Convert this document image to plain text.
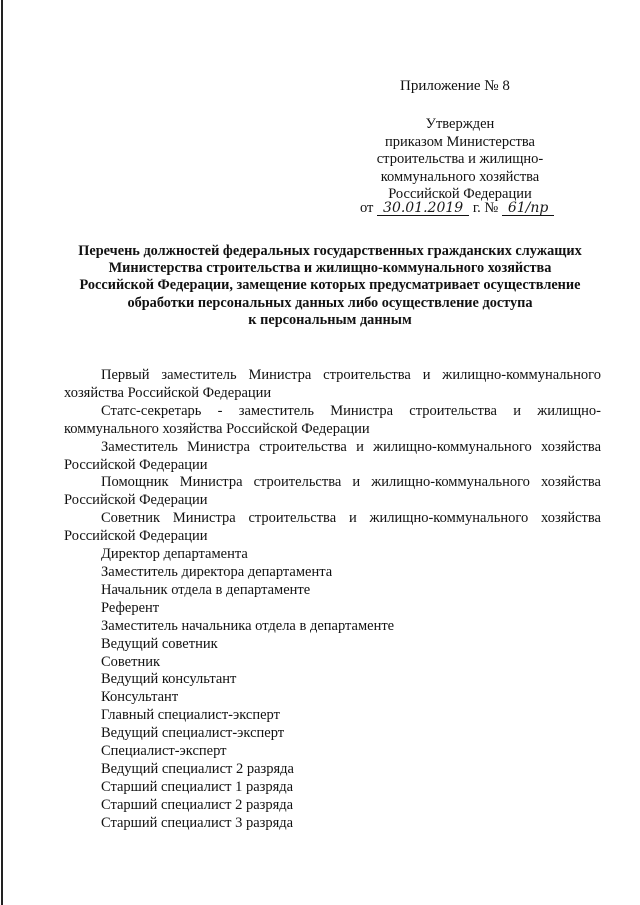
Приложение № 8
Утвержден
приказом Министерства
строительства и жилищно-
коммунального хозяйства
Российской Федерации
от 30.01.2019 г. № 61/пр
Перечень должностей федеральных государственных гражданских служащих
Министерства строительства и жилищно-коммунального хозяйства
Российской Федерации, замещение которых предусматривает осуществление
обработки персональных данных либо осуществление доступа
к персональным данным
Первый заместитель Министра строительства и жилищно-коммунального хозяйства Российской Федерации
Статс-секретарь - заместитель Министра строительства и жилищно-коммунального хозяйства Российской Федерации
Заместитель Министра строительства и жилищно-коммунального хозяйства Российской Федерации
Помощник Министра строительства и жилищно-коммунального хозяйства Российской Федерации
Советник Министра строительства и жилищно-коммунального хозяйства Российской Федерации
Директор департамента
Заместитель директора департамента
Начальник отдела в департаменте
Референт
Заместитель начальника отдела в департаменте
Ведущий советник
Советник
Ведущий консультант
Консультант
Главный специалист-эксперт
Ведущий специалист-эксперт
Специалист-эксперт
Ведущий специалист 2 разряда
Старший специалист 1 разряда
Старший специалист 2 разряда
Старший специалист 3 разряда
